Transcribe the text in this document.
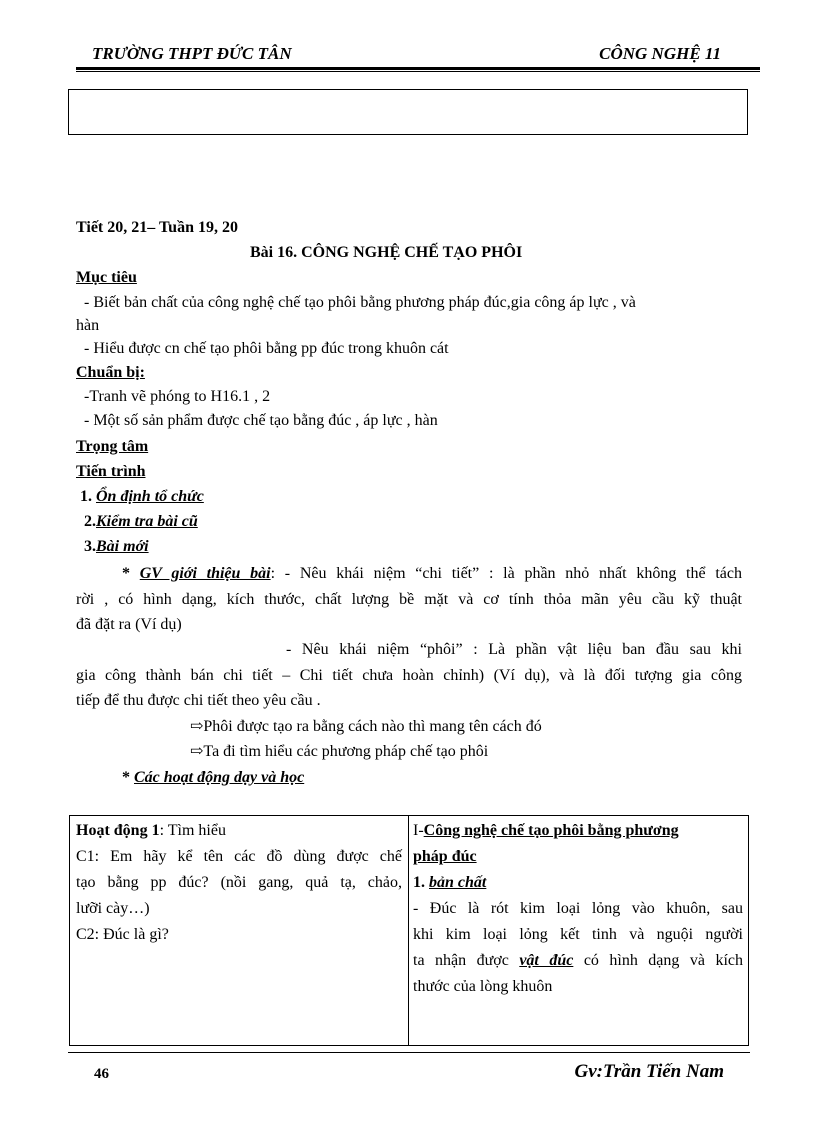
TRƯỜNG THPT ĐỨC TÂN	CÔNG NGHỆ 11
Tiết 20, 21– Tuần 19, 20
Bài 16. CÔNG NGHỆ CHẾ TẠO PHÔI
Mục tiêu
- Biết bản chất của công nghệ chế tạo phôi bằng phương pháp đúc,gia công áp lực , và
hàn
- Hiểu được cn chế tạo phôi bằng pp đúc trong khuôn cát
Chuẩn bị:
-Tranh vẽ phóng to H16.1 , 2
- Một số sản phẩm được chế tạo bằng đúc , áp lực , hàn
Trọng tâm
Tiến trình
1. Ổn định tổ chức
2.Kiểm tra bài cũ
3.Bài mới
* GV giới thiệu bài: - Nêu khái niệm “chi tiết” : là phần nhỏ nhất không thể tách
rời , có hình dạng, kích thước, chất lượng bề mặt và cơ tính thỏa mãn yêu cầu kỹ thuật
đã đặt ra (Ví dụ)
- Nêu khái niệm “phôi” : Là phần vật liệu ban đầu sau khi
gia công thành bán chi tiết – Chi tiết chưa hoàn chỉnh) (Ví dụ), và là đối tượng gia công
tiếp để thu được chi tiết theo yêu cầu .
⇨Phôi được tạo ra bằng cách nào thì mang tên cách đó
⇨Ta đi tìm hiểu các phương pháp chế tạo phôi
* Các hoạt động dạy và học

Hoạt động 1: Tìm hiểu

C1: Em hãy kể tên các đồ dùng được chế

tạo bằng pp đúc? (nồi gang, quả tạ, chảo,

lưỡi cày…)

C2: Đúc là gì?

I-Công nghệ chế tạo phôi bằng phương

pháp đúc

1. bản chất

- Đúc là rót kim loại lỏng vào khuôn, sau

khi kim loại lỏng kết tinh và nguội người

ta nhận được vật đúc có hình dạng và kích

thước của lòng khuôn

46	Gv:Trần Tiến Nam
